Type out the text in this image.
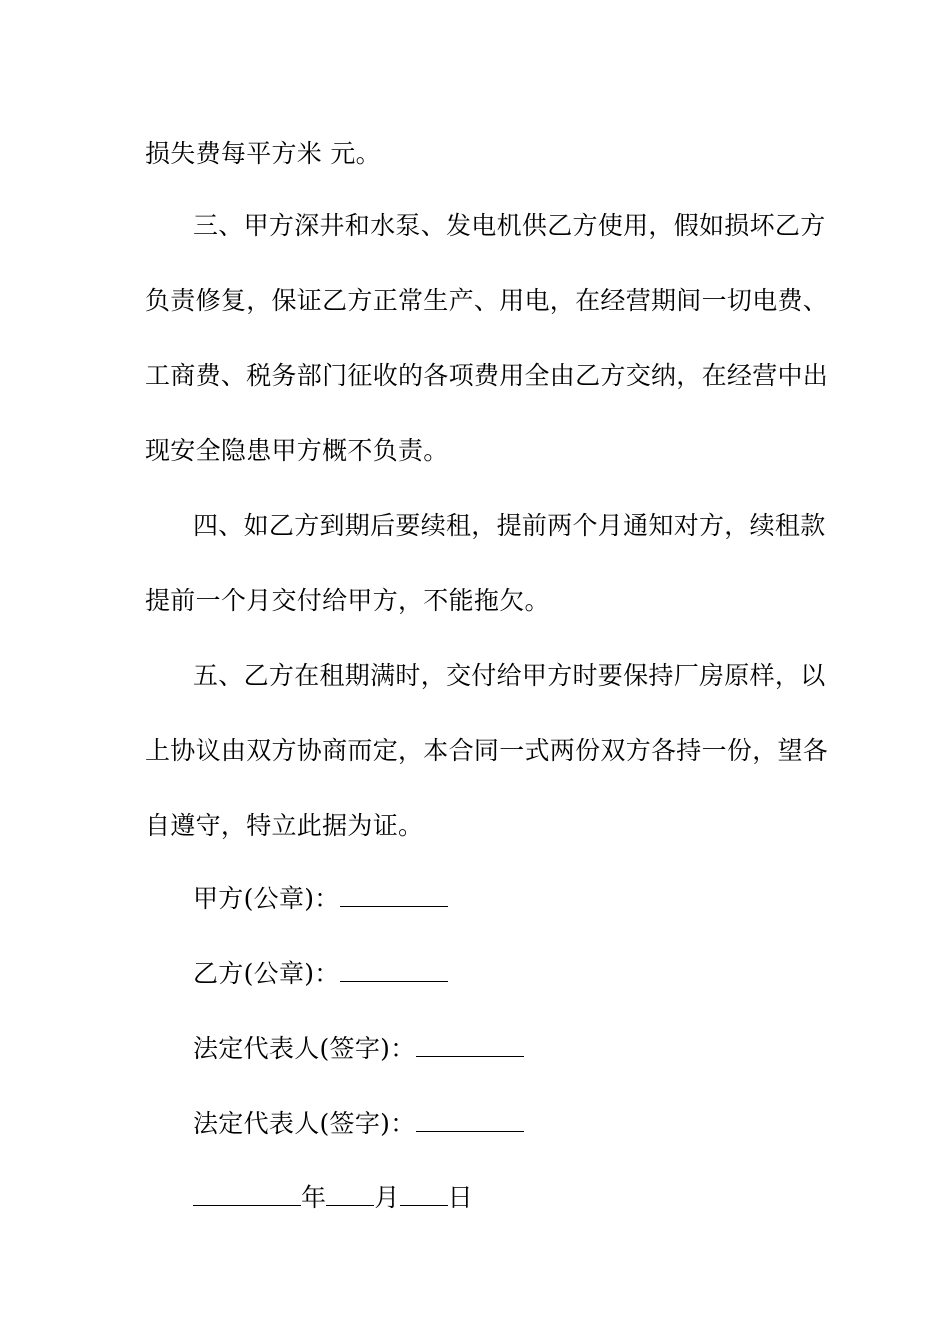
损失费每平方米 元。
三、甲方深井和水泵、发电机供乙方使用，假如损坏乙方
负责修复，保证乙方正常生产、用电，在经营期间一切电费、
工商费、税务部门征收的各项费用全由乙方交纳，在经营中出
现安全隐患甲方概不负责。
四、如乙方到期后要续租，提前两个月通知对方，续租款
提前一个月交付给甲方，不能拖欠。
五、乙方在租期满时，交付给甲方时要保持厂房原样，以
上协议由双方协商而定，本合同一式两份双方各持一份，望各
自遵守，特立此据为证。
甲方(公章)：
乙方(公章)：
法定代表人(签字)：
法定代表人(签字)：
年 月 日
